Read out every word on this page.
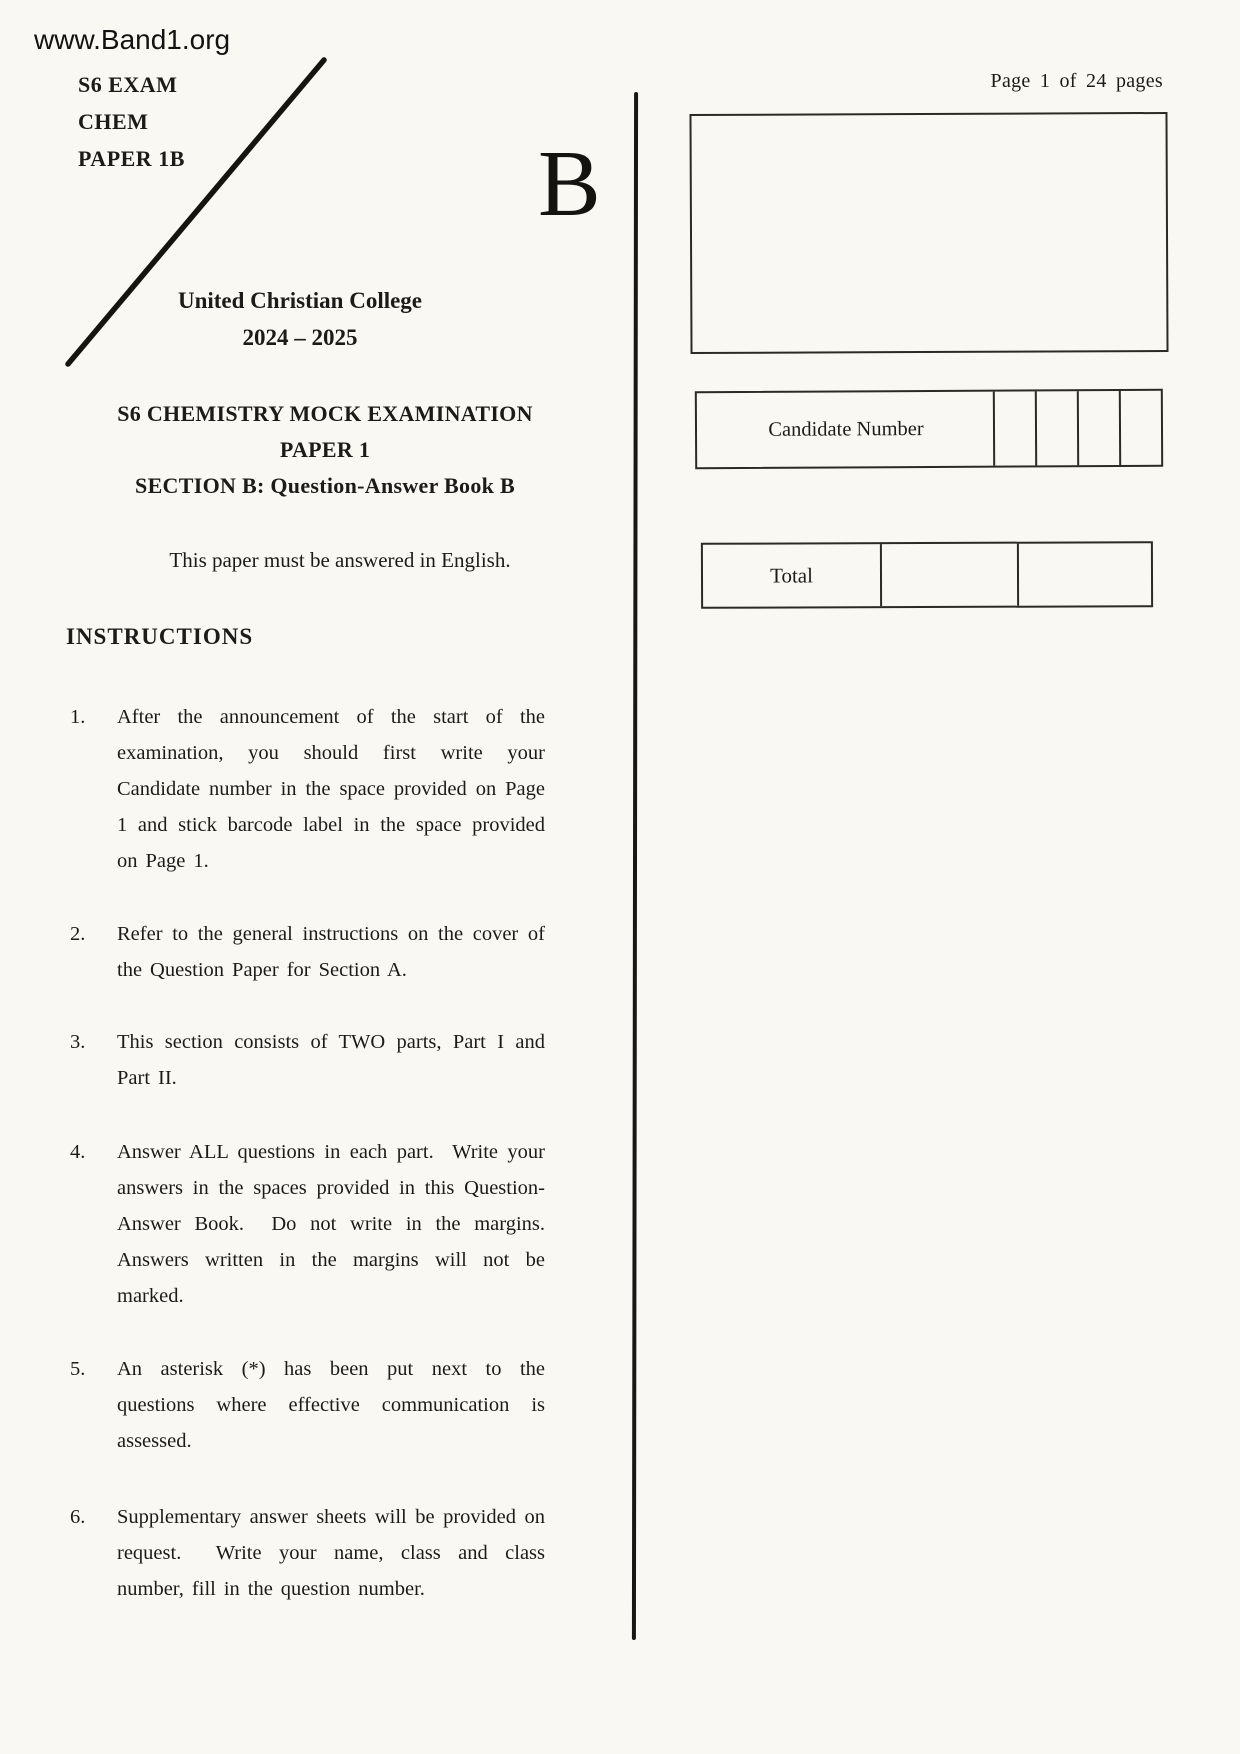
www.Band1.org
S6 EXAM
CHEM
PAPER 1B	B
United Christian College
2024 – 2025
S6 CHEMISTRY MOCK EXAMINATION
PAPER 1
SECTION B: Question-Answer Book B
This paper must be answered in English.
INSTRUCTIONS
1.	After the announcement of the start of the examination, you should first write your Candidate number in the space provided on Page 1 and stick barcode label in the space provided on Page 1.
2.	Refer to the general instructions on the cover of the Question Paper for Section A.
3.	This section consists of TWO parts, Part I and Part II.
4.	Answer ALL questions in each part.  Write your answers in the spaces provided in this Question-Answer Book.  Do not write in the margins.  Answers written in the margins will not be marked.
5.	An asterisk (*) has been put next to the questions where effective communication is assessed.
6.	Supplementary answer sheets will be provided on request.  Write your name, class and class number, fill in the question number.
Page 1 of 24 pages
Candidate Number
Total
